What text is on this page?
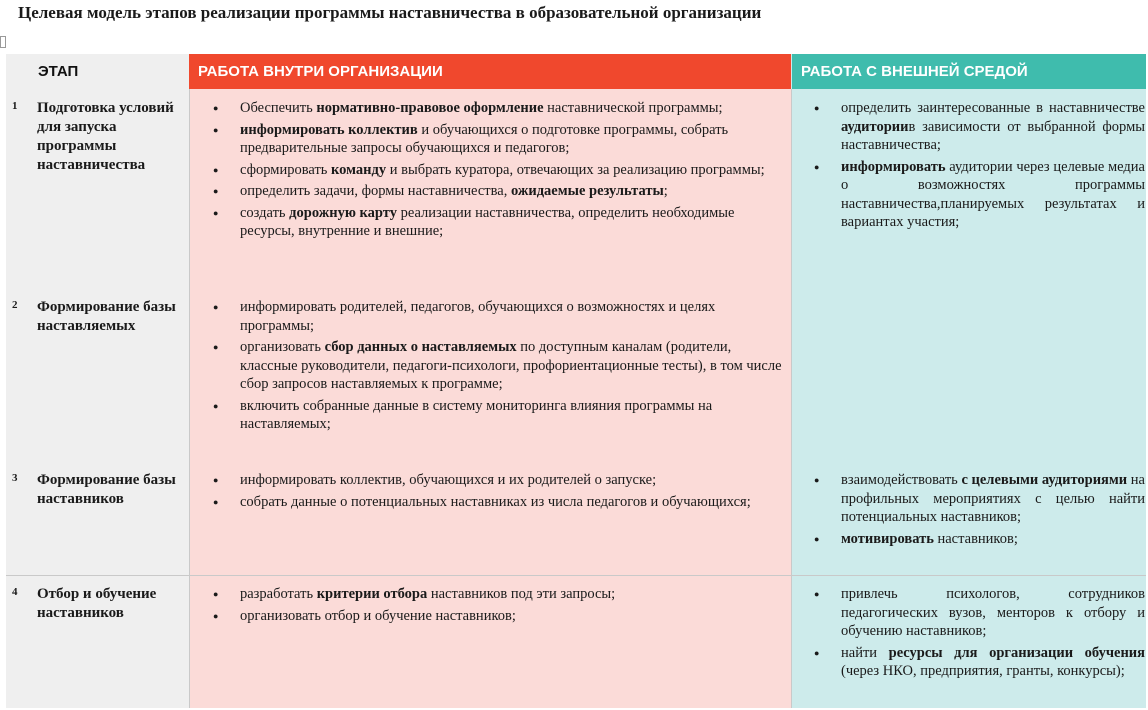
Целевая модель этапов реализации программы наставничества в образовательной организации
ЭТАП	РАБОТА ВНУТРИ ОРГАНИЗАЦИИ	РАБОТА С ВНЕШНЕЙ СРЕДОЙ
1 Подготовка условий для запуска программы наставничества
● Обеспечить нормативно-правовое оформление наставнической программы;
● информировать коллектив и обучающихся о подготовке программы, собрать предварительные запросы обучающихся и педагогов;
● сформировать команду и выбрать куратора, отвечающих за реализацию программы;
● определить задачи, формы наставничества, ожидаемые результаты;
● создать дорожную карту реализации наставничества, определить необходимые ресурсы, внутренние и внешние;
● определить заинтересованные в наставничестве аудиториив зависимости от выбранной формы наставничества;
● информировать аудитории через целевые медиа о возможностях программы наставничества,планируемых результатах и вариантах участия;
2 Формирование базы наставляемых
● информировать родителей, педагогов, обучающихся о возможностях и целях программы;
● организовать сбор данных о наставляемых по доступным каналам (родители, классные руководители, педагоги-психологи, профориентационные тесты), в том числе сбор запросов наставляемых к программе;
● включить собранные данные в систему мониторинга влияния программы на наставляемых;
3 Формирование базы наставников
● информировать коллектив, обучающихся и их родителей о запуске;
● собрать данные о потенциальных наставниках из числа педагогов и обучающихся;
● взаимодействовать с целевыми аудиториями на профильных мероприятиях с целью найти потенциальных наставников;
● мотивировать наставников;
4 Отбор и обучение наставников
● разработать критерии отбора наставников под эти запросы;
● организовать отбор и обучение наставников;
● привлечь психологов, сотрудников педагогических вузов, менторов к отбору и обучению наставников;
● найти ресурсы для организации обучения (через НКО, предприятия, гранты, конкурсы);
